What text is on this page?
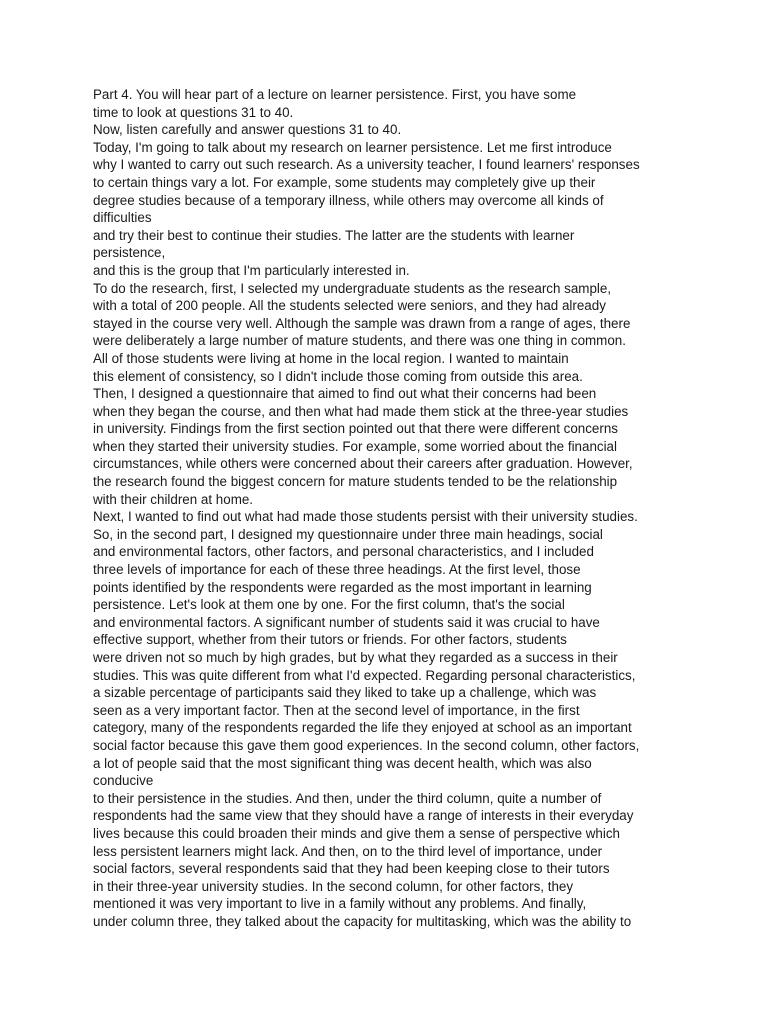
Part 4. You will hear part of a lecture on learner persistence. First, you have some
time to look at questions 31 to 40.
Now, listen carefully and answer questions 31 to 40.
Today, I'm going to talk about my research on learner persistence. Let me first introduce
why I wanted to carry out such research. As a university teacher, I found learners' responses
to certain things vary a lot. For example, some students may completely give up their
degree studies because of a temporary illness, while others may overcome all kinds of
difficulties
and try their best to continue their studies. The latter are the students with learner
persistence,
and this is the group that I'm particularly interested in.
To do the research, first, I selected my undergraduate students as the research sample,
with a total of 200 people. All the students selected were seniors, and they had already
stayed in the course very well. Although the sample was drawn from a range of ages, there
were deliberately a large number of mature students, and there was one thing in common.
All of those students were living at home in the local region. I wanted to maintain
this element of consistency, so I didn't include those coming from outside this area.
Then, I designed a questionnaire that aimed to find out what their concerns had been
when they began the course, and then what had made them stick at the three-year studies
in university. Findings from the first section pointed out that there were different concerns
when they started their university studies. For example, some worried about the financial
circumstances, while others were concerned about their careers after graduation. However,
the research found the biggest concern for mature students tended to be the relationship
with their children at home.
Next, I wanted to find out what had made those students persist with their university studies.
So, in the second part, I designed my questionnaire under three main headings, social
and environmental factors, other factors, and personal characteristics, and I included
three levels of importance for each of these three headings. At the first level, those
points identified by the respondents were regarded as the most important in learning
persistence. Let's look at them one by one. For the first column, that's the social
and environmental factors. A significant number of students said it was crucial to have
effective support, whether from their tutors or friends. For other factors, students
were driven not so much by high grades, but by what they regarded as a success in their
studies. This was quite different from what I'd expected. Regarding personal characteristics,
a sizable percentage of participants said they liked to take up a challenge, which was
seen as a very important factor. Then at the second level of importance, in the first
category, many of the respondents regarded the life they enjoyed at school as an important
social factor because this gave them good experiences. In the second column, other factors,
a lot of people said that the most significant thing was decent health, which was also
conducive
to their persistence in the studies. And then, under the third column, quite a number of
respondents had the same view that they should have a range of interests in their everyday
lives because this could broaden their minds and give them a sense of perspective which
less persistent learners might lack. And then, on to the third level of importance, under
social factors, several respondents said that they had been keeping close to their tutors
in their three-year university studies. In the second column, for other factors, they
mentioned it was very important to live in a family without any problems. And finally,
under column three, they talked about the capacity for multitasking, which was the ability to
